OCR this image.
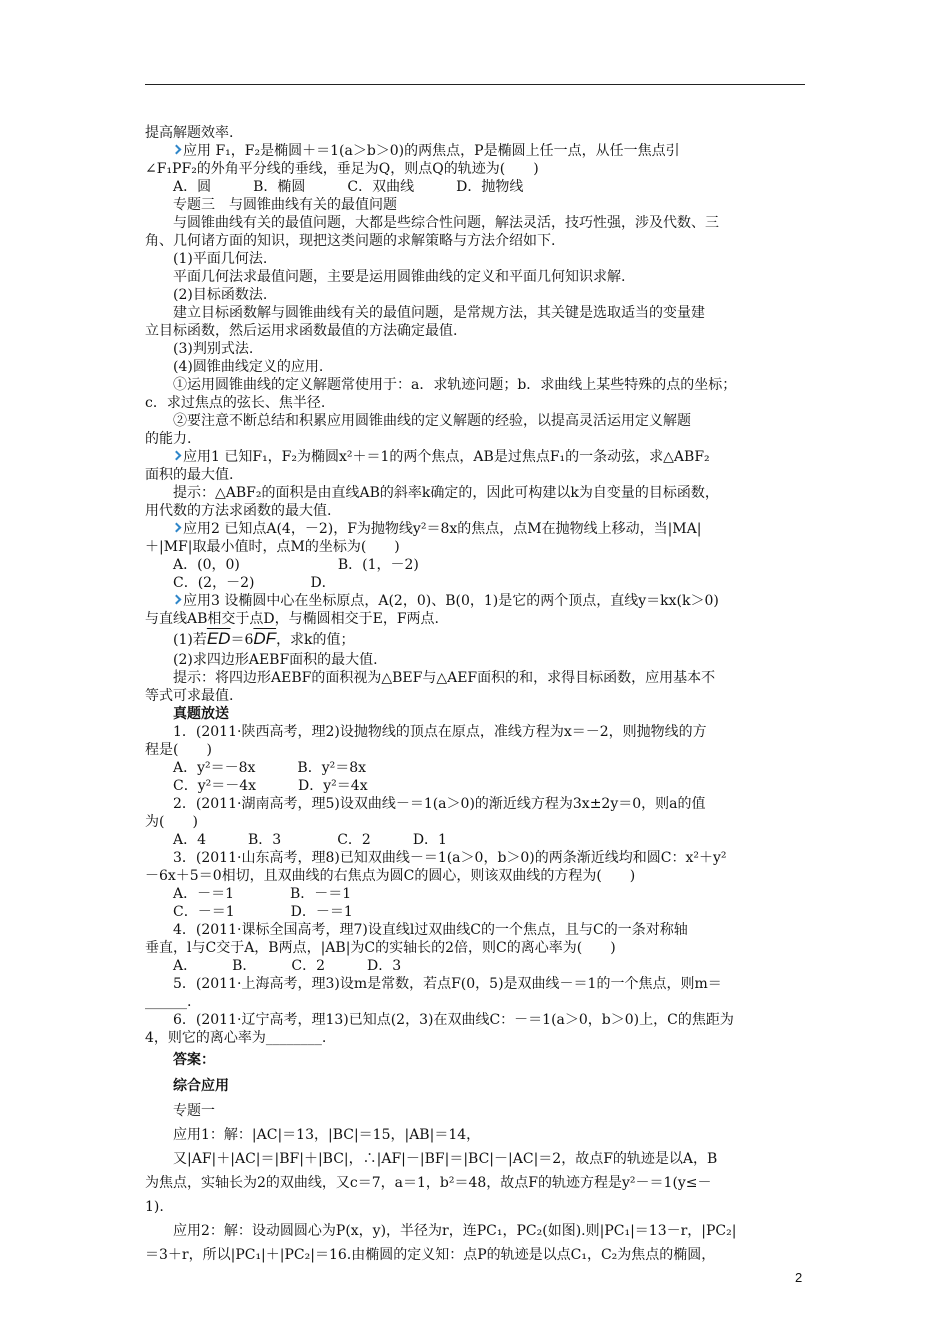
提高解题效率.

应用 F₁，F₂是椭圆＋＝1(a＞b＞0)的两焦点，P是椭圆上任一点，从任一焦点引

∠F₁PF₂的外角平分线的垂线，垂足为Q，则点Q的轨迹为(　　)

A．圆　　　B．椭圆　　　C．双曲线　　　D．抛物线

专题三　与圆锥曲线有关的最值问题

与圆锥曲线有关的最值问题，大都是些综合性问题，解法灵活，技巧性强，涉及代数、三

角、几何诸方面的知识，现把这类问题的求解策略与方法介绍如下.

(1)平面几何法.

平面几何法求最值问题，主要是运用圆锥曲线的定义和平面几何知识求解.

(2)目标函数法.

建立目标函数解与圆锥曲线有关的最值问题，是常规方法，其关键是选取适当的变量建

立目标函数，然后运用求函数最值的方法确定最值.

(3)判别式法.

(4)圆锥曲线定义的应用.

①运用圆锥曲线的定义解题常使用于：a．求轨迹问题；b．求曲线上某些特殊的点的坐标；

c．求过焦点的弦长、焦半径.

②要注意不断总结和积累应用圆锥曲线的定义解题的经验，以提高灵活运用定义解题

的能力.

应用1 已知F₁，F₂为椭圆x²＋＝1的两个焦点，AB是过焦点F₁的一条动弦，求△ABF₂

面积的最大值.

提示：△ABF₂的面积是由直线AB的斜率k确定的，因此可构建以k为自变量的目标函数，

用代数的方法求函数的最大值.

应用2 已知点A(4，－2)，F为抛物线y²＝8x的焦点，点M在抛物线上移动，当|MA|

＋|MF|取最小值时，点M的坐标为(　　)

A．(0，0)　　　　　　　B．(1，－2)

C．(2，－2)　　　　D．

应用3 设椭圆中心在坐标原点，A(2，0)、B(0，1)是它的两个顶点，直线y＝kx(k＞0)

与直线AB相交于点D，与椭圆相交于E，F两点.

(1)若$\overline{ED}=6\overline{DF}$，求k的值；

(2)求四边形AEBF面积的最大值.

提示：将四边形AEBF的面积视为△BEF与△AEF面积的和，求得目标函数，应用基本不

等式可求最值.

真题放送

1．(2011·陕西高考，理2)设抛物线的顶点在原点，准线方程为x＝－2，则抛物线的方

程是(　　)

A．y²＝－8x　　　B．y²＝8x

C．y²＝－4x　　　D．y²＝4x

2．(2011·湖南高考，理5)设双曲线－＝1(a＞0)的渐近线方程为3x±2y＝0，则a的值

为(　　)

A．4　　　B．3　　　　C．2　　　D．1

3．(2011·山东高考，理8)已知双曲线－＝1(a＞0，b＞0)的两条渐近线均和圆C：x²＋y²

－6x＋5＝0相切，且双曲线的右焦点为圆C的圆心，则该双曲线的方程为(　　)

A．－＝1　　　　B．－＝1

C．－＝1　　　　D．－＝1

4．(2011·课标全国高考，理7)设直线l过双曲线C的一个焦点，且与C的一条对称轴

垂直，l与C交于A，B两点，|AB|为C的实轴长的2倍，则C的离心率为(　　)

A．　　　B．　　　C．2　　　D．3

5．(2011·上海高考，理3)设m是常数，若点F(0，5)是双曲线－＝1的一个焦点，则m＝

______.

6．(2011·辽宁高考，理13)已知点(2，3)在双曲线C：－＝1(a＞0，b＞0)上，C的焦距为

4，则它的离心率为________.

答案：

综合应用

专题一

应用1：解：|AC|＝13，|BC|＝15，|AB|＝14，

又|AF|＋|AC|＝|BF|＋|BC|，∴|AF|－|BF|＝|BC|－|AC|＝2，故点F的轨迹是以A，B

为焦点，实轴长为2的双曲线，又c＝7，a＝1，b²＝48，故点F的轨迹方程是y²－＝1(y≤－

1).

应用2：解：设动圆圆心为P(x，y)，半径为r，连PC₁，PC₂(如图).则|PC₁|＝13－r，|PC₂|

＝3＋r，所以|PC₁|＋|PC₂|＝16.由椭圆的定义知：点P的轨迹是以点C₁，C₂为焦点的椭圆，

2
